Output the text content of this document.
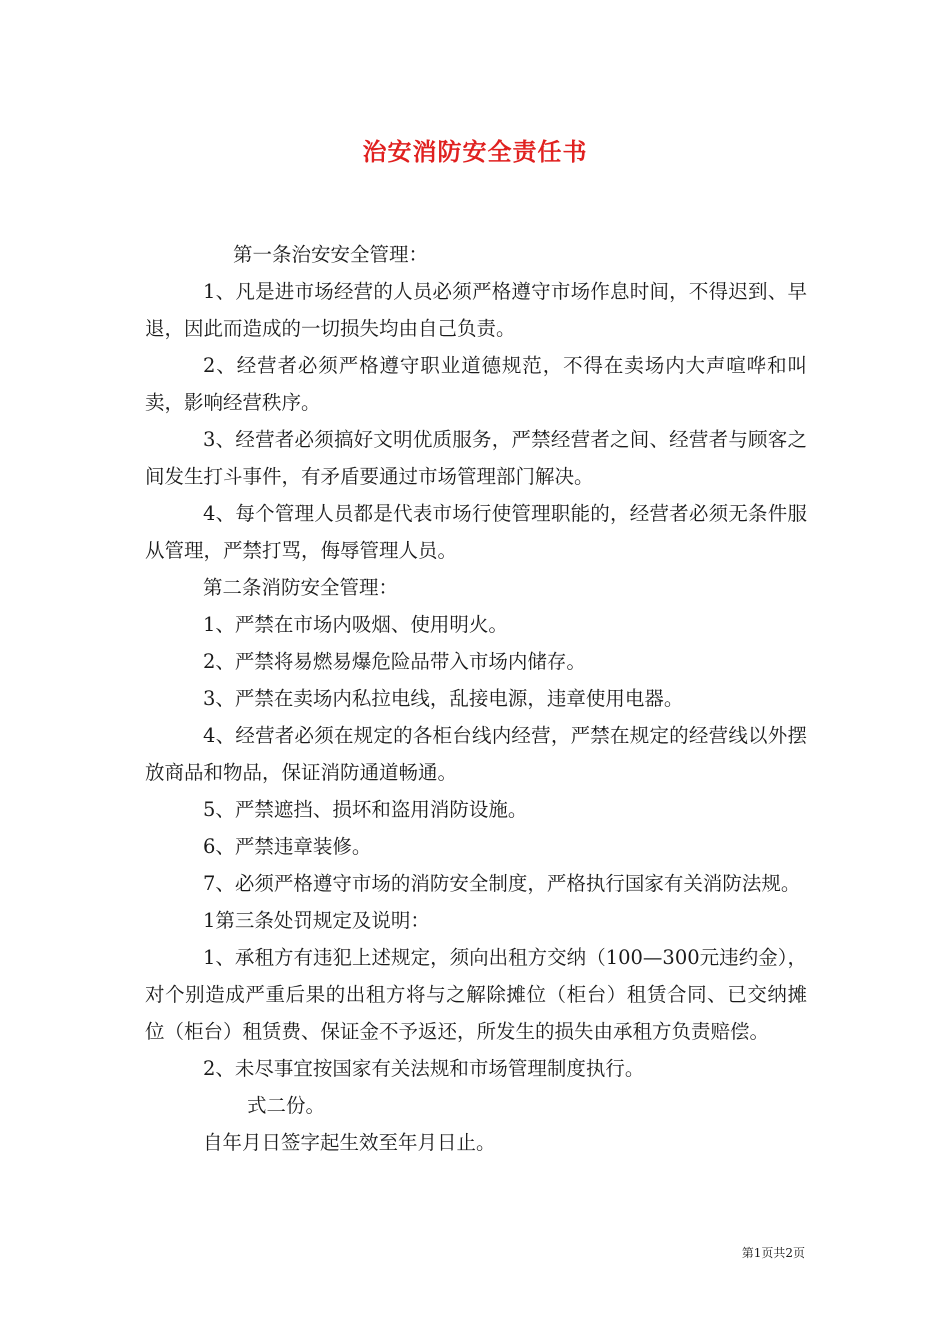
治安消防安全责任书

第一条治安安全管理：

1、凡是进市场经营的人员必须严格遵守市场作息时间，不得迟到、早退，因此而造成的一切损失均由自己负责。

2、经营者必须严格遵守职业道德规范，不得在卖场内大声喧哗和叫卖，影响经营秩序。

3、经营者必须搞好文明优质服务，严禁经营者之间、经营者与顾客之间发生打斗事件，有矛盾要通过市场管理部门解决。

4、每个管理人员都是代表市场行使管理职能的，经营者必须无条件服从管理，严禁打骂，侮辱管理人员。

第二条消防安全管理：

1、严禁在市场内吸烟、使用明火。

2、严禁将易燃易爆危险品带入市场内储存。

3、严禁在卖场内私拉电线，乱接电源，违章使用电器。

4、经营者必须在规定的各柜台线内经营，严禁在规定的经营线以外摆放商品和物品，保证消防通道畅通。

5、严禁遮挡、损坏和盗用消防设施。

6、严禁违章装修。

7、必须严格遵守市场的消防安全制度，严格执行国家有关消防法规。

1第三条处罚规定及说明：

1、承租方有违犯上述规定，须向出租方交纳（100—300元违约金），对个别造成严重后果的出租方将与之解除摊位（柜台）租赁合同、已交纳摊位（柜台）租赁费、保证金不予返还，所发生的损失由承租方负责赔偿。

2、未尽事宜按国家有关法规和市场管理制度执行。

式二份。

自年月日签字起生效至年月日止。

第1页共2页
